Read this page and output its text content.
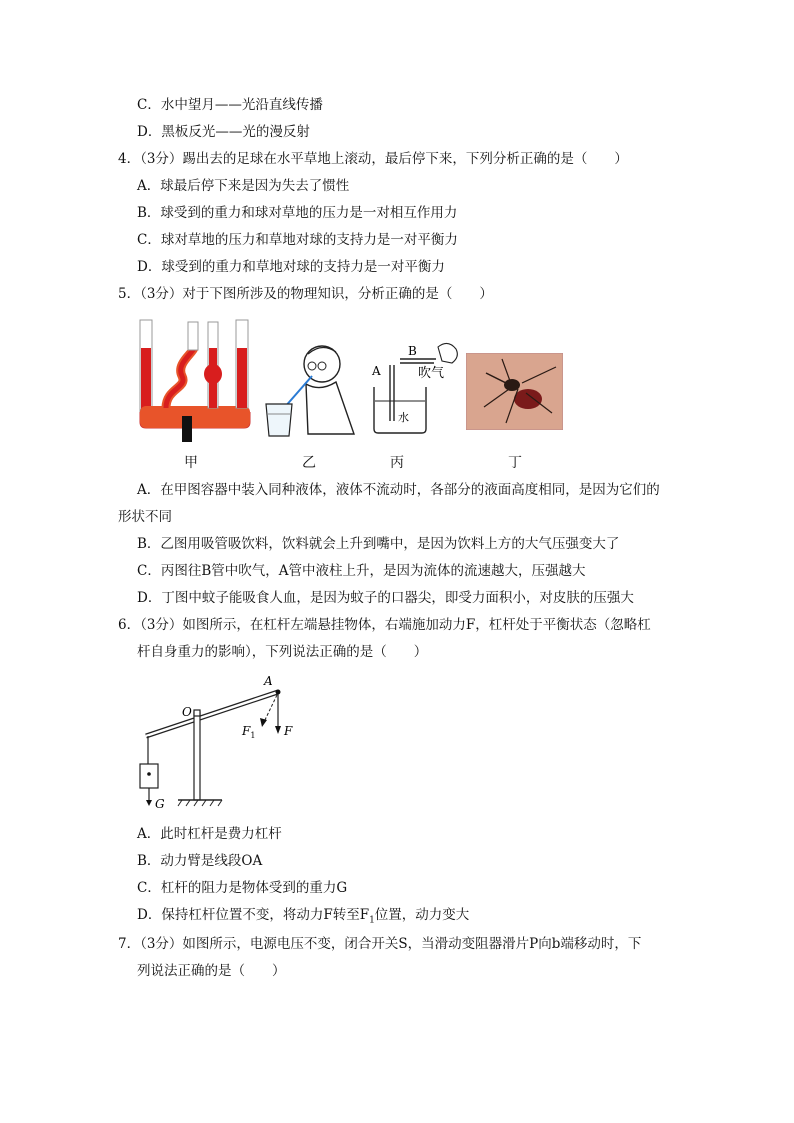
C．水中望月——光沿直线传播
D．黑板反光——光的漫反射
4．（3分）踢出去的足球在水平草地上滚动，最后停下来，下列分析正确的是（　　）
A．球最后停下来是因为失去了惯性
B．球受到的重力和球对草地的压力是一对相互作用力
C．球对草地的压力和草地对球的支持力是一对平衡力
D．球受到的重力和草地对球的支持力是一对平衡力
5．（3分）对于下图所涉及的物理知识，分析正确的是（　　）
B
A	吹气
水
甲	乙	丙	丁
A．在甲图容器中装入同种液体，液体不流动时，各部分的液面高度相同，是因为它们的
形状不同
B．乙图用吸管吸饮料，饮料就会上升到嘴中，是因为饮料上方的大气压强变大了
C．丙图往B管中吹气，A管中液柱上升，是因为流体的流速越大，压强越大
D．丁图中蚊子能吸食人血，是因为蚊子的口器尖，即受力面积小，对皮肤的压强大
6．（3分）如图所示，在杠杆左端悬挂物体，右端施加动力F，杠杆处于平衡状态（忽略杠
杆自身重力的影响），下列说法正确的是（　　）
A
O
$F_1$ F
G
A．此时杠杆是费力杠杆
B．动力臂是线段OA
C．杠杆的阻力是物体受到的重力G
D．保持杠杆位置不变，将动力F转至$F_1$位置，动力变大
7．（3分）如图所示，电源电压不变，闭合开关S，当滑动变阻器滑片P向b端移动时，下
列说法正确的是（　　）
